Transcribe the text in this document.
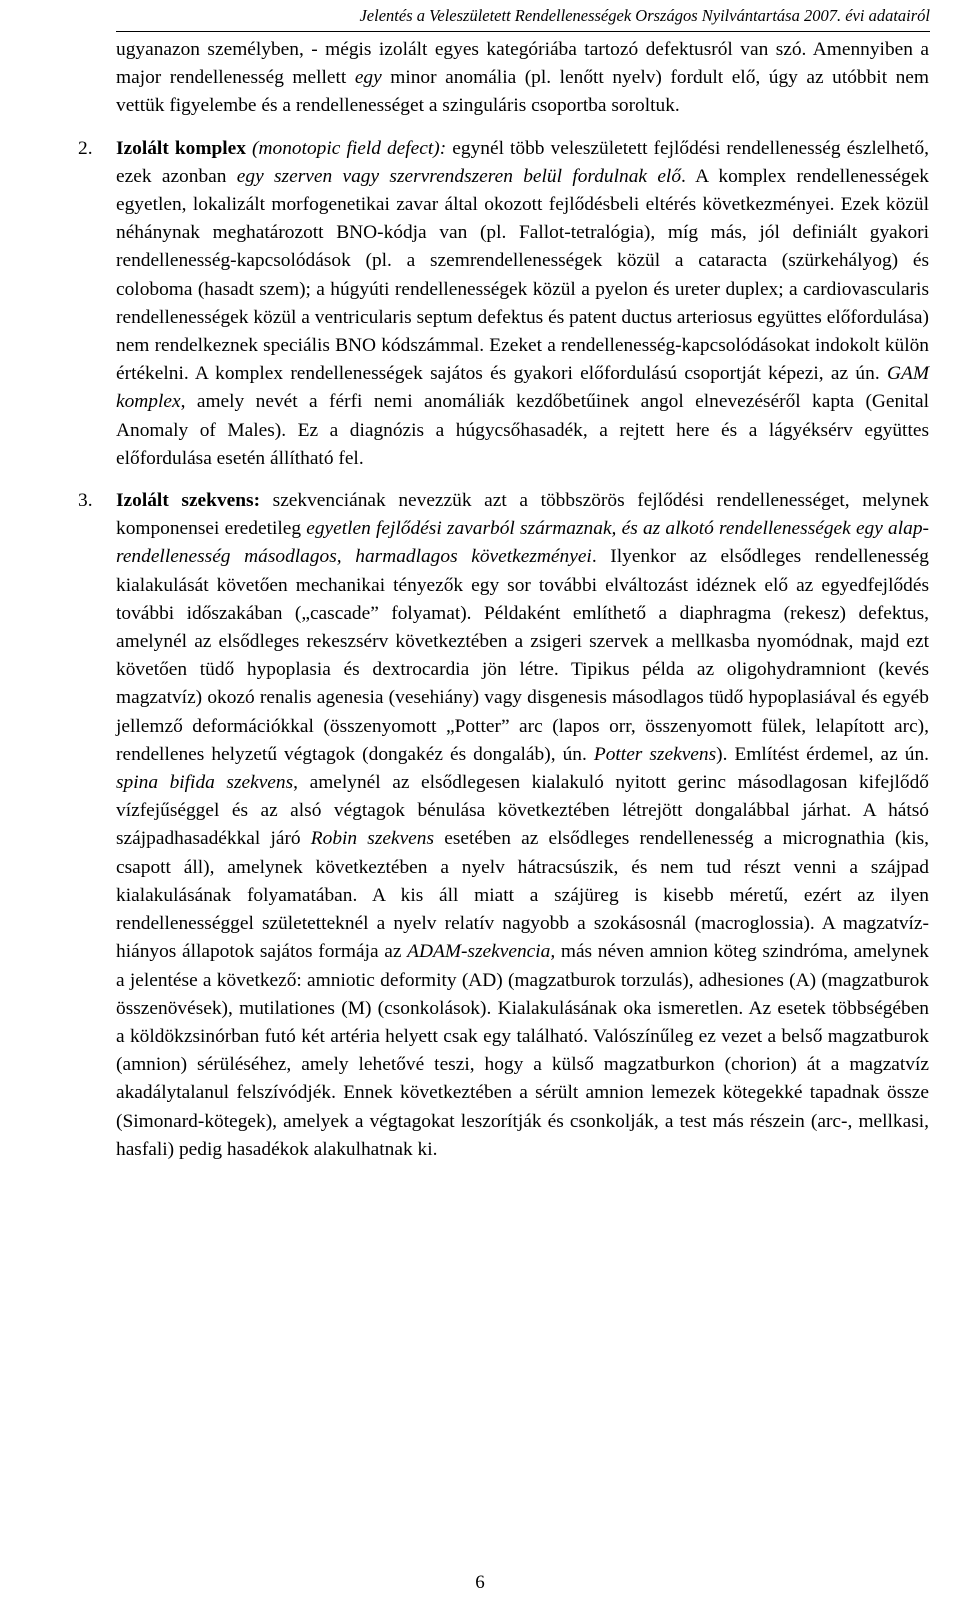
Jelentés a Veleszületett Rendellenességek Országos Nyilvántartása 2007. évi adatairól

ugyanazon személyben, - mégis izolált egyes kategóriába tartozó defektusról van szó. Amennyiben a major rendellenesség mellett egy minor anomália (pl. lenőtt nyelv) fordult elő, úgy az utóbbit nem vettük figyelembe és a rendellenességet a szinguláris csoportba soroltuk.

2. Izolált komplex (monotopic field defect): egynél több veleszületett fejlődési rendellenesség észlelhető, ezek azonban egy szerven vagy szervrendszeren belül fordulnak elő. A komplex rendellenességek egyetlen, lokalizált morfogenetikai zavar által okozott fejlődésbeli eltérés következményei. Ezek közül néhánynak meghatározott BNO-kódja van (pl. Fallot-tetralógia), míg más, jól definiált gyakori rendellenesség-kapcsolódások (pl. a szemrendellenességek közül a cataracta (szürkehályog) és coloboma (hasadt szem); a húgyúti rendellenességek közül a pyelon és ureter duplex; a cardiovascularis rendellenességek közül a ventricularis septum defektus és patent ductus arteriosus együttes előfordulása) nem rendelkeznek speciális BNO kódszámmal. Ezeket a rendellenesség-kapcsolódásokat indokolt külön értékelni. A komplex rendellenességek sajátos és gyakori előfordulású csoportját képezi, az ún. GAM komplex, amely nevét a férfi nemi anomáliák kezdőbetűinek angol elnevezéséről kapta (Genital Anomaly of Males). Ez a diagnózis a húgycsőhasadék, a rejtett here és a lágyéksérv együttes előfordulása esetén állítható fel.

3. Izolált szekvens: szekvenciának nevezzük azt a többszörös fejlődési rendellenességet, melynek komponensei eredetileg egyetlen fejlődési zavarból származnak, és az alkotó rendellenességek egy alap-rendellenesség másodlagos, harmadlagos következményei. Ilyenkor az elsődleges rendellenesség kialakulását követően mechanikai tényezők egy sor további elváltozást idéznek elő az egyedfejlődés további időszakában („cascade” folyamat). Példaként említhető a diaphragma (rekesz) defektus, amelynél az elsődleges rekeszsérv következtében a zsigeri szervek a mellkasba nyomódnak, majd ezt követően tüdő hypoplasia és dextrocardia jön létre. Tipikus példa az oligohydramniont (kevés magzatvíz) okozó renalis agenesia (vesehiány) vagy disgenesis másodlagos tüdő hypoplasiával és egyéb jellemző deformációkkal (összenyomott „Potter” arc (lapos orr, összenyomott fülek, lelapított arc), rendellenes helyzetű végtagok (dongakéz és dongaláb), ún. Potter szekvens). Említést érdemel, az ún. spina bifida szekvens, amelynél az elsődlegesen kialakuló nyitott gerinc másodlagosan kifejlődő vízfejűséggel és az alsó végtagok bénulása következtében létrejött dongalábbal járhat. A hátsó szájpadhasadékkal járó Robin szekvens esetében az elsődleges rendellenesség a micrognathia (kis, csapott áll), amelynek következtében a nyelv hátracsúszik, és nem tud részt venni a szájpad kialakulásának folyamatában. A kis áll miatt a szájüreg is kisebb méretű, ezért az ilyen rendellenességgel születetteknél a nyelv relatív nagyobb a szokásosnál (macroglossia). A magzatvíz-hiányos állapotok sajátos formája az ADAM-szekvencia, más néven amnion köteg szindróma, amelynek a jelentése a következő: amniotic deformity (AD) (magzatburok torzulás), adhesiones (A) (magzatburok összenövések), mutilationes (M) (csonkolások). Kialakulásának oka ismeretlen. Az esetek többségében a köldökzsinórban futó két artéria helyett csak egy található. Valószínűleg ez vezet a belső magzatburok (amnion) sérüléséhez, amely lehetővé teszi, hogy a külső magzatburkon (chorion) át a magzatvíz akadálytalanul felszívódjék. Ennek következtében a sérült amnion lemezek kötegekké tapadnak össze (Simonard-kötegek), amelyek a végtagokat leszorítják és csonkolják, a test más részein (arc-, mellkasi, hasfali) pedig hasadékok alakulhatnak ki.

6
